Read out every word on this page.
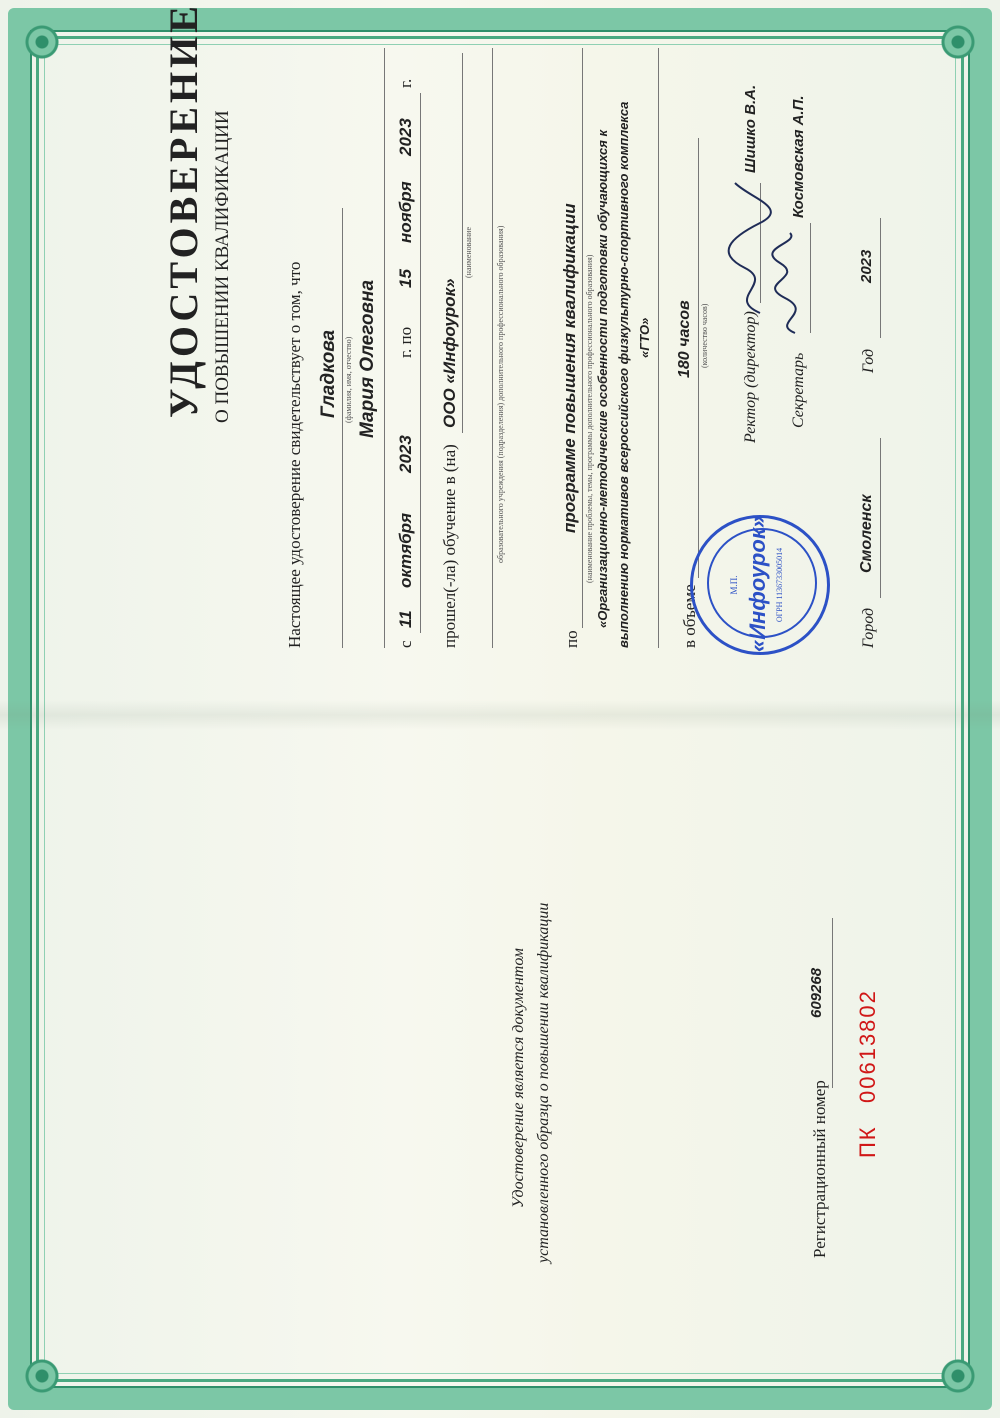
УДОСТОВЕРЕНИЕ О ПОВЫШЕНИИ КВАЛИФИКАЦИИ	Настоящее удостоверение свидетельствует о том, что Гладкова (фамилия, имя, отчество) Мария Олеговна
с
11
октября
2023
г. по
15
ноября
2023
г.
прошел(-ла) обучение в (на)
ООО «Инфоурок»
(наименование	образовательного учреждения (подразделения) дополнительного профессионального образования)
по
программе повышения квалификации (наименование проблемы, темы, программы дополнительного профессионального образования) «Организационно-методические особенности подготовки обучающихся к выполнению нормативов всероссийского физкультурно-спортивного комплекса «ГТО»
в объеме
180 часов (количество часов)
М.П. «Инфоурок» ОГРН 1136733005014
Ректор (директор)
Шишко В.А.
Секретарь
Космовская А.П.
Город
Смоленск
Год
2023
Удостоверение является документом установленного образца о повышении квалификации	Регистрационный номер
609268
ПК
00613802
